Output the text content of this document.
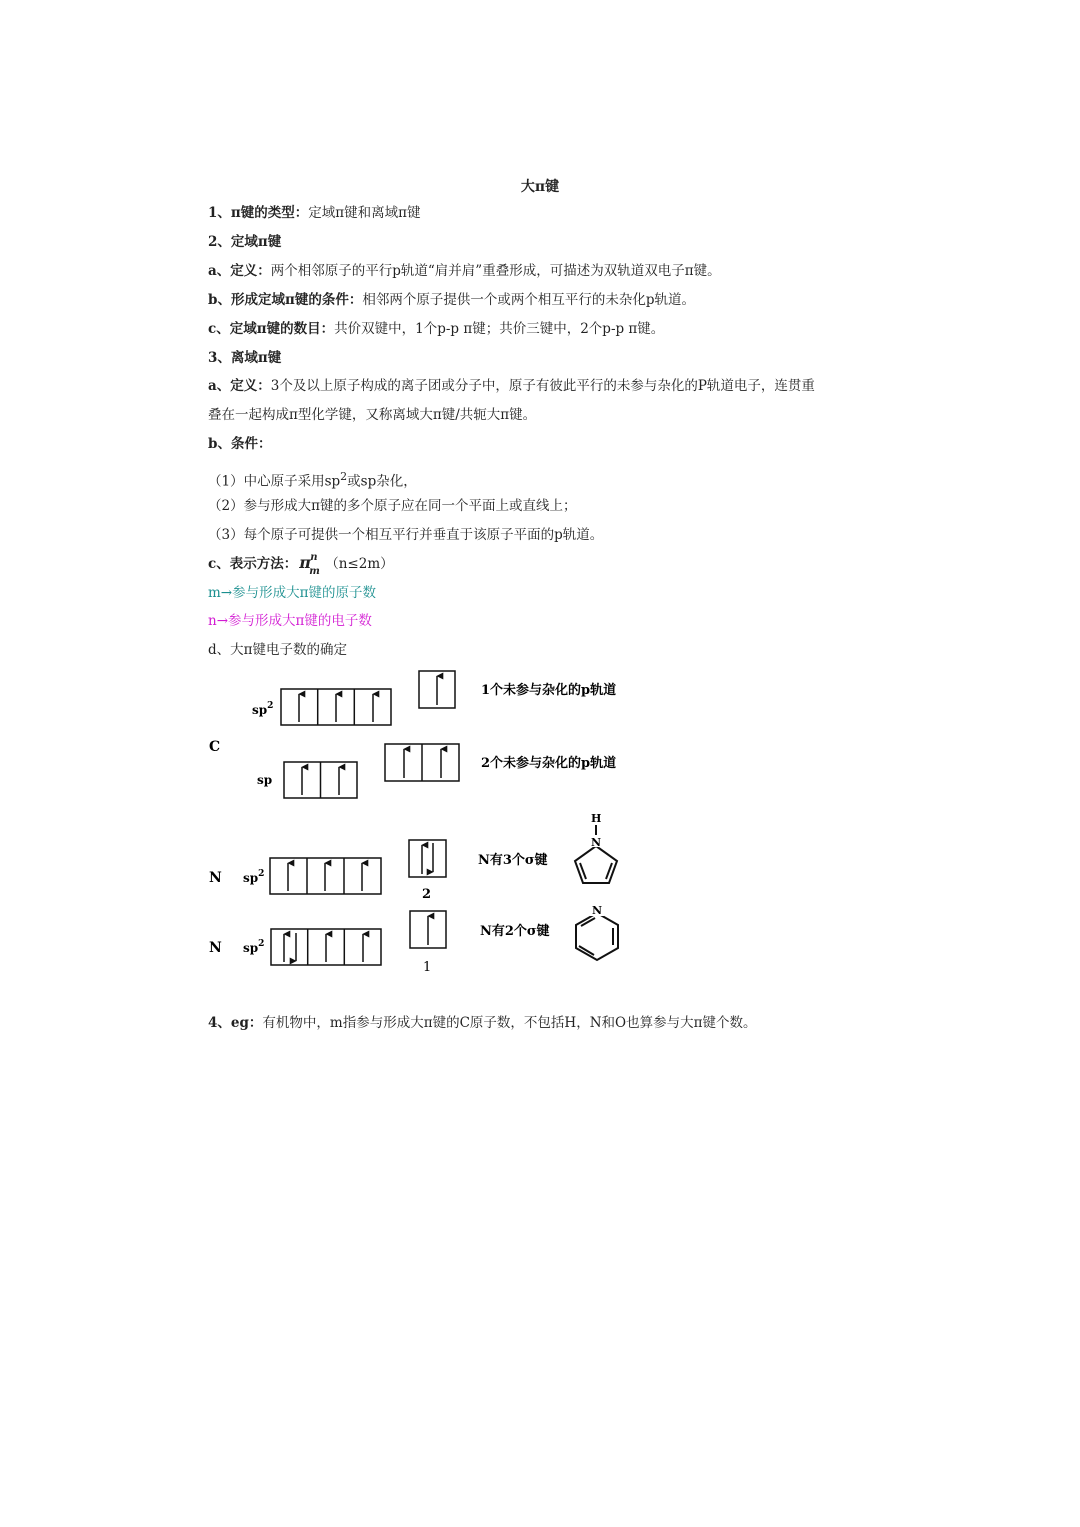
大π键
1、π键的类型：定域π键和离域π键
2、定域π键
a、定义：两个相邻原子的平行p轨道“肩并肩”重叠形成，可描述为双轨道双电子π键。
b、形成定域π键的条件：相邻两个原子提供一个或两个相互平行的未杂化p轨道。
c、定域π键的数目：共价双键中，1个p-p π键；共价三键中，2个p-p π键。
3、离域π键
a、定义：3个及以上原子构成的离子团或分子中，原子有彼此平行的未参与杂化的P轨道电子，连贯重
叠在一起构成π型化学键，又称离域大π键/共轭大π键。
b、条件：
（1）中心原子采用$sp^2$或sp杂化，
（2）参与形成大π键的多个原子应在同一个平面上或直线上；
（3）每个原子可提供一个相互平行并垂直于该原子平面的p轨道。
c、表示方法： π n
m （n≤2m）
m→参与形成大π键的原子数
n→参与形成大π键的电子数
d、大π键电子数的确定
C
$sp^2$
1个未参与杂化的p轨道
sp
2个未参与杂化的p轨道
N $sp^2$
2
N有3个σ键
H
N
N $sp^2$
1
N有2个σ键
N
4、eg：有机物中，m指参与形成大π键的C原子数，不包括H，N和O也算参与大π键个数。
